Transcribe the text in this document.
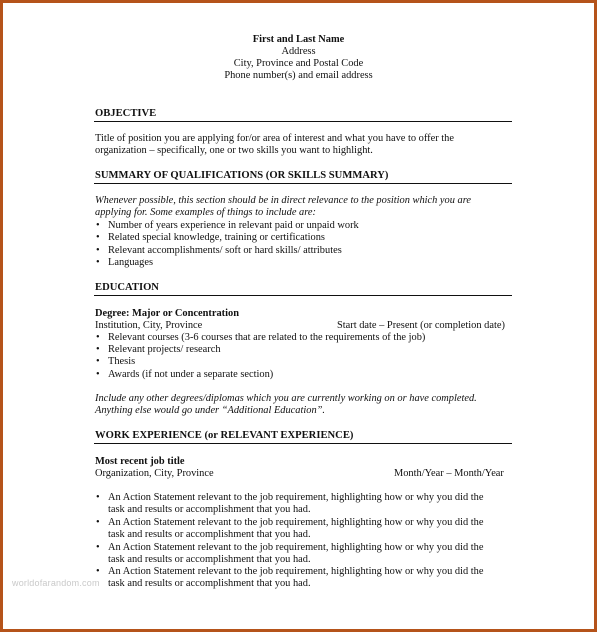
First and Last Name
Address
City, Province and Postal Code
Phone number(s) and email address
OBJECTIVE
Title of position you are applying for/or area of interest and what you have to offer the
organization – specifically, one or two skills you want to highlight.
SUMMARY OF QUALIFICATIONS (OR SKILLS SUMMARY)
Whenever possible, this section should be in direct relevance to the position which you are
applying for. Some examples of things to include are:
• Number of years experience in relevant paid or unpaid work
• Related special knowledge, training or certifications
• Relevant accomplishments/ soft or hard skills/ attributes
• Languages
EDUCATION
Degree: Major or Concentration
Institution, City, Province	Start date – Present (or completion date)
• Relevant courses (3-6 courses that are related to the requirements of the job)
• Relevant projects/ research
• Thesis
• Awards (if not under a separate section)
Include any other degrees/diplomas which you are currently working on or have completed.
Anything else would go under “Additional Education”.
WORK EXPERIENCE (or RELEVANT EXPERIENCE)
Most recent job title
Organization, City, Province	Month/Year – Month/Year
• An Action Statement relevant to the job requirement, highlighting how or why you did the
task and results or accomplishment that you had.
• An Action Statement relevant to the job requirement, highlighting how or why you did the
task and results or accomplishment that you had.
• An Action Statement relevant to the job requirement, highlighting how or why you did the
task and results or accomplishment that you had.
• An Action Statement relevant to the job requirement, highlighting how or why you did the
task and results or accomplishment that you had.
worldofarandom.com
